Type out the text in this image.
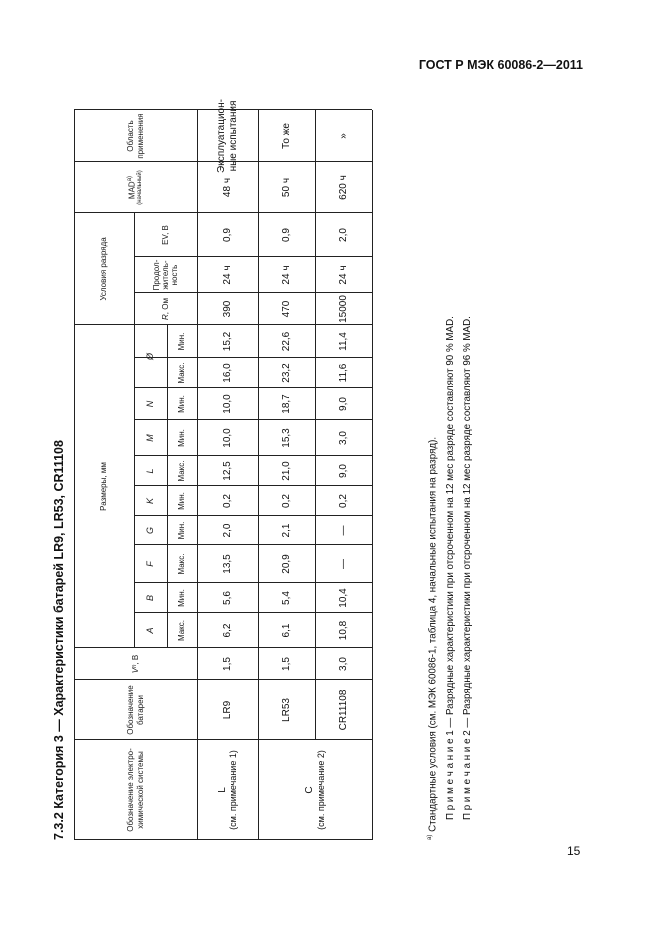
ГОСТ Р МЭК 60086-2—2011
7.3.2 Категория 3 — Характеристики батарей LR9, LR53, CR11108	Обозначение электрохимической системы
Обозначение батареи
V
n
, В
Размеры, мм
Условия разряда
MAD$^{a)}$ (начальный)
Область применения
A
B
F
G
K
L
M
N
Ø
Макс.
Мин.
Макс.
Мин.
Мин.
Макс.
Мин.
Мин.
Макс.
Мин.
R
, Ом
Продолжительность
EV, В
L (см. примечание 1)	C (см. примечание 2)
LR9
1,5
6,2
5,6
13,5
2,0
0,2
12,5
10,0
10,0
16,0
15,2
390
24 ч
0,9
48 ч
Эксплуатационные испытания
LR53
1,5
6,1
5,4
20,9
2,1
0,2
21,0
15,3
18,7
23,2
22,6
470
24 ч
0,9
50 ч
То же
CR11108
3,0
10,8
10,4
—
—
0,2
9,0
3,0
9,0
11,6
11,4
15000
24 ч
2,0
620 ч
»
$^{а)}$ Стандартные условия (см. МЭК 60086-1, таблица 4, начальные испытания на разряд). П р и м е ч а н и е 1 — Разрядные характеристики при отсроченном на 12 мес разряде составляют 90 % MAD. П р и м е ч а н и е 2 — Разрядные характеристики при отсроченном на 12 мес разряде составляют 96 % MAD.
15
